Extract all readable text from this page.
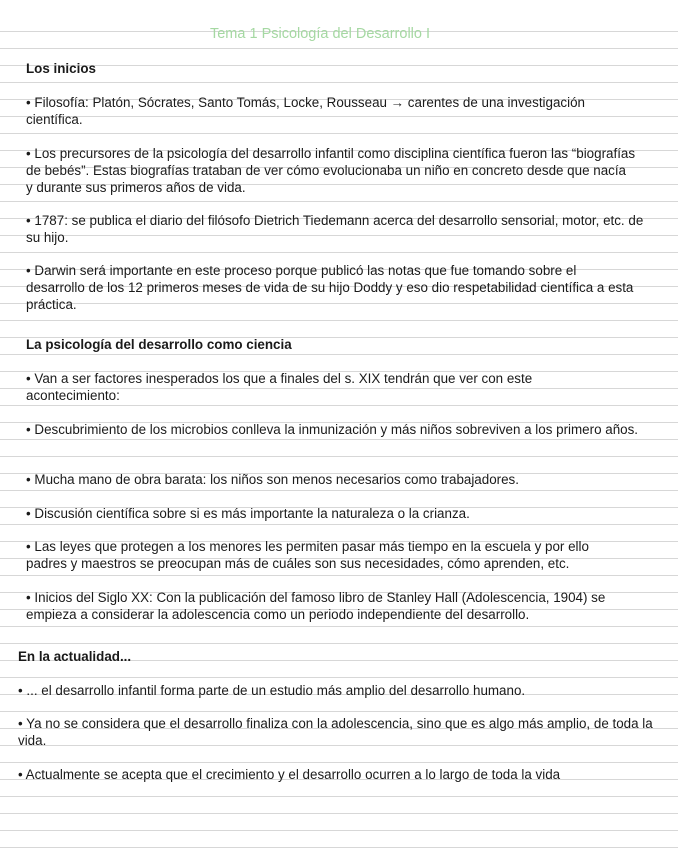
Tema 1 Psicología del Desarrollo I
Los inicios

• Filosofía: Platón, Sócrates, Santo Tomás, Locke, Rousseau → carentes de una investigación científica.

• Los precursores de la psicología del desarrollo infantil como disciplina científica fueron las “biografías de bebés”. Estas biografías trataban de ver cómo evolucionaba un niño en concreto desde que nacía y durante sus primeros años de vida.

• 1787: se publica el diario del filósofo Dietrich Tiedemann acerca del desarrollo sensorial, motor, etc. de su hijo.

• Darwin será importante en este proceso porque publicó las notas que fue tomando sobre el desarrollo de los 12 primeros meses de vida de su hijo Doddy y eso dio respetabilidad científica a esta práctica.

La psicología del desarrollo como ciencia

• Van a ser factores inesperados los que a finales del s. XIX tendrán que ver con este acontecimiento:

• Descubrimiento de los microbios conlleva la inmunización y más niños sobreviven a los primero años.

• Mucha mano de obra barata: los niños son menos necesarios como trabajadores.

• Discusión científica sobre si es más importante la naturaleza o la crianza.

• Las leyes que protegen a los menores les permiten pasar más tiempo en la escuela y por ello padres y maestros se preocupan más de cuáles son sus necesidades, cómo aprenden, etc.

• Inicios del Siglo XX: Con la publicación del famoso libro de Stanley Hall (Adolescencia, 1904) se empieza a considerar la adolescencia como un periodo independiente del desarrollo.

En la actualidad...

• ... el desarrollo infantil forma parte de un estudio más amplio del desarrollo humano.

• Ya no se considera que el desarrollo finaliza con la adolescencia, sino que es algo más amplio, de toda la vida.

• Actualmente se acepta que el crecimiento y el desarrollo ocurren a lo largo de toda la vida
